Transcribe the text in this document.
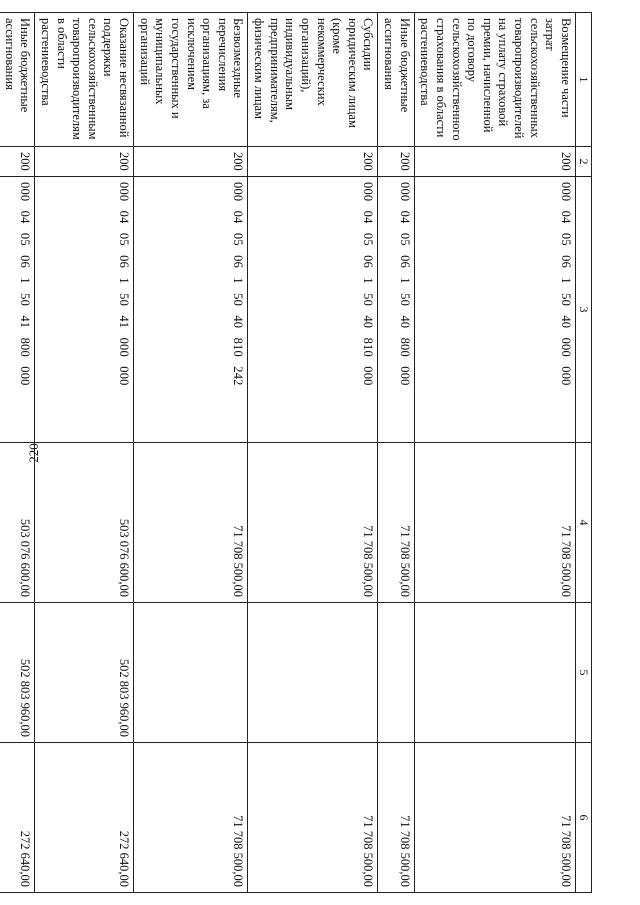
220
1	2	3	4	5	6
Возмещение части затрат сельскохозяйственных товаропроизводителей на уплату страховой премии, начисленной по договору сельскохозяйственного страхования в области растениеводства	200	000 04 05 06 1 50 40 000 000	71 708 500,00		71 708 500,00
Иные бюджетные ассигнования	200	000 04 05 06 1 50 40 800 000	71 708 500,00		71 708 500,00
Субсидии юридическим лицам (кроме некоммерческих организаций), индивидуальным предпринимателям, физическим лицам	200	000 04 05 06 1 50 40 810 000	71 708 500,00		71 708 500,00
Безвозмездные перечисления организациям, за исключением государственных и муниципальных организаций	200	000 04 05 06 1 50 40 810 242	71 708 500,00		71 708 500,00
Оказание несвязанной поддержки сельскохозяйственным товаропроизводителям в области растениеводства	200	000 04 05 06 1 50 41 000 000	503 076 600,00	502 803 960,00	272 640,00
Иные бюджетные ассигнования	200	000 04 05 06 1 50 41 800 000	503 076 600,00	502 803 960,00	272 640,00
